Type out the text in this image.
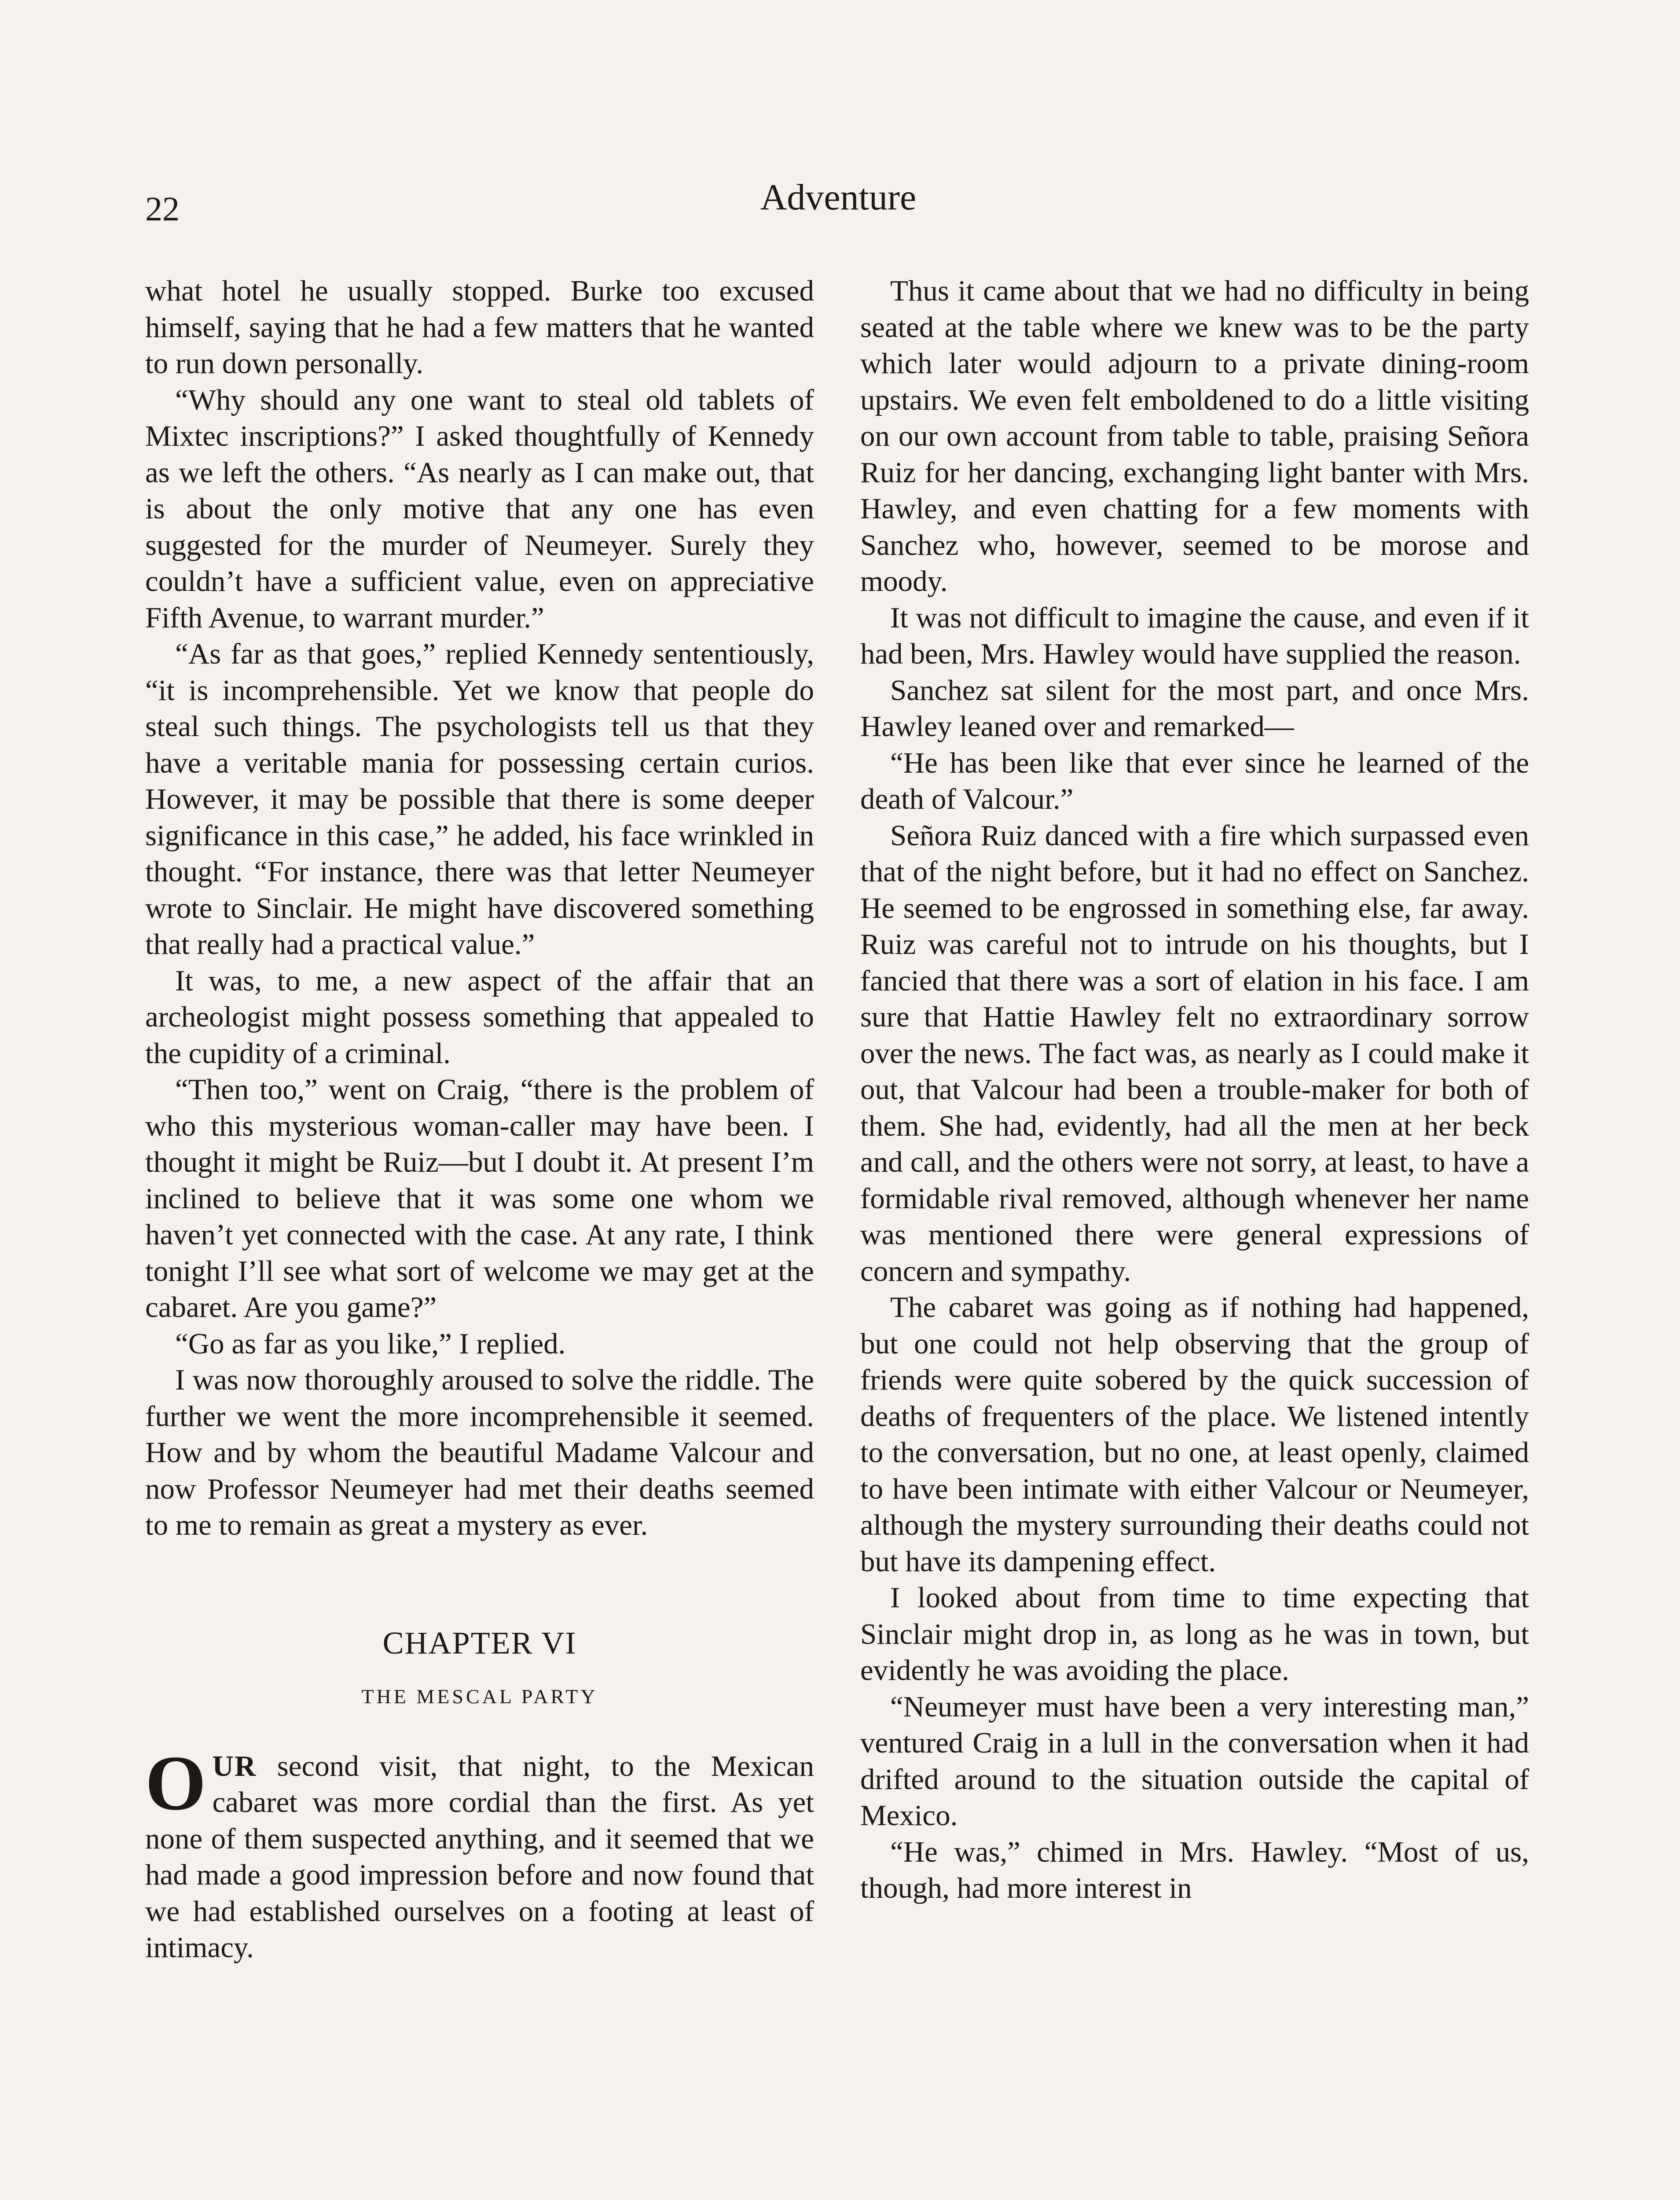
22	Adventure

what hotel he usually stopped. Burke too excused himself, saying that he had a few matters that he wanted to run down personally.

“Why should any one want to steal old tablets of Mixtec inscriptions?” I asked thoughtfully of Kennedy as we left the others. “As nearly as I can make out, that is about the only motive that any one has even suggested for the murder of Neumeyer. Surely they couldn’t have a sufficient value, even on appreciative Fifth Avenue, to warrant murder.”

“As far as that goes,” replied Kennedy sententiously, “it is incomprehensible. Yet we know that people do steal such things. The psychologists tell us that they have a veritable mania for possessing certain curios. However, it may be possible that there is some deeper significance in this case,” he added, his face wrinkled in thought. “For instance, there was that letter Neumeyer wrote to Sinclair. He might have discovered something that really had a practical value.”

It was, to me, a new aspect of the affair that an archeologist might possess something that appealed to the cupidity of a criminal.

“Then too,” went on Craig, “there is the problem of who this mysterious woman-caller may have been. I thought it might be Ruiz—but I doubt it. At present I’m inclined to believe that it was some one whom we haven’t yet connected with the case. At any rate, I think tonight I’ll see what sort of welcome we may get at the cabaret. Are you game?”

“Go as far as you like,” I replied.

I was now thoroughly aroused to solve the riddle. The further we went the more incomprehensible it seemed. How and by whom the beautiful Madame Valcour and now Professor Neumeyer had met their deaths seemed to me to remain as great a mystery as ever.

CHAPTER VI
THE MESCAL PARTY

OUR second visit, that night, to the Mexican cabaret was more cordial than the first. As yet none of them suspected anything, and it seemed that we had made a good impression before and now found that we had established ourselves on a footing at least of intimacy.

Thus it came about that we had no difficulty in being seated at the table where we knew was to be the party which later would adjourn to a private dining-room upstairs. We even felt emboldened to do a little visiting on our own account from table to table, praising Señora Ruiz for her dancing, exchanging light banter with Mrs. Hawley, and even chatting for a few moments with Sanchez who, however, seemed to be morose and moody.

It was not difficult to imagine the cause, and even if it had been, Mrs. Hawley would have supplied the reason.

Sanchez sat silent for the most part, and once Mrs. Hawley leaned over and remarked—

“He has been like that ever since he learned of the death of Valcour.”

Señora Ruiz danced with a fire which surpassed even that of the night before, but it had no effect on Sanchez. He seemed to be engrossed in something else, far away. Ruiz was careful not to intrude on his thoughts, but I fancied that there was a sort of elation in his face. I am sure that Hattie Hawley felt no extraordinary sorrow over the news. The fact was, as nearly as I could make it out, that Valcour had been a trouble-maker for both of them. She had, evidently, had all the men at her beck and call, and the others were not sorry, at least, to have a formidable rival removed, although whenever her name was mentioned there were general expressions of concern and sympathy.

The cabaret was going as if nothing had happened, but one could not help observing that the group of friends were quite sobered by the quick succession of deaths of frequenters of the place. We listened intently to the conversation, but no one, at least openly, claimed to have been intimate with either Valcour or Neumeyer, although the mystery surrounding their deaths could not but have its dampening effect.

I looked about from time to time expecting that Sinclair might drop in, as long as he was in town, but evidently he was avoiding the place.

“Neumeyer must have been a very interesting man,” ventured Craig in a lull in the conversation when it had drifted around to the situation outside the capital of Mexico.

“He was,” chimed in Mrs. Hawley. “Most of us, though, had more interest in
